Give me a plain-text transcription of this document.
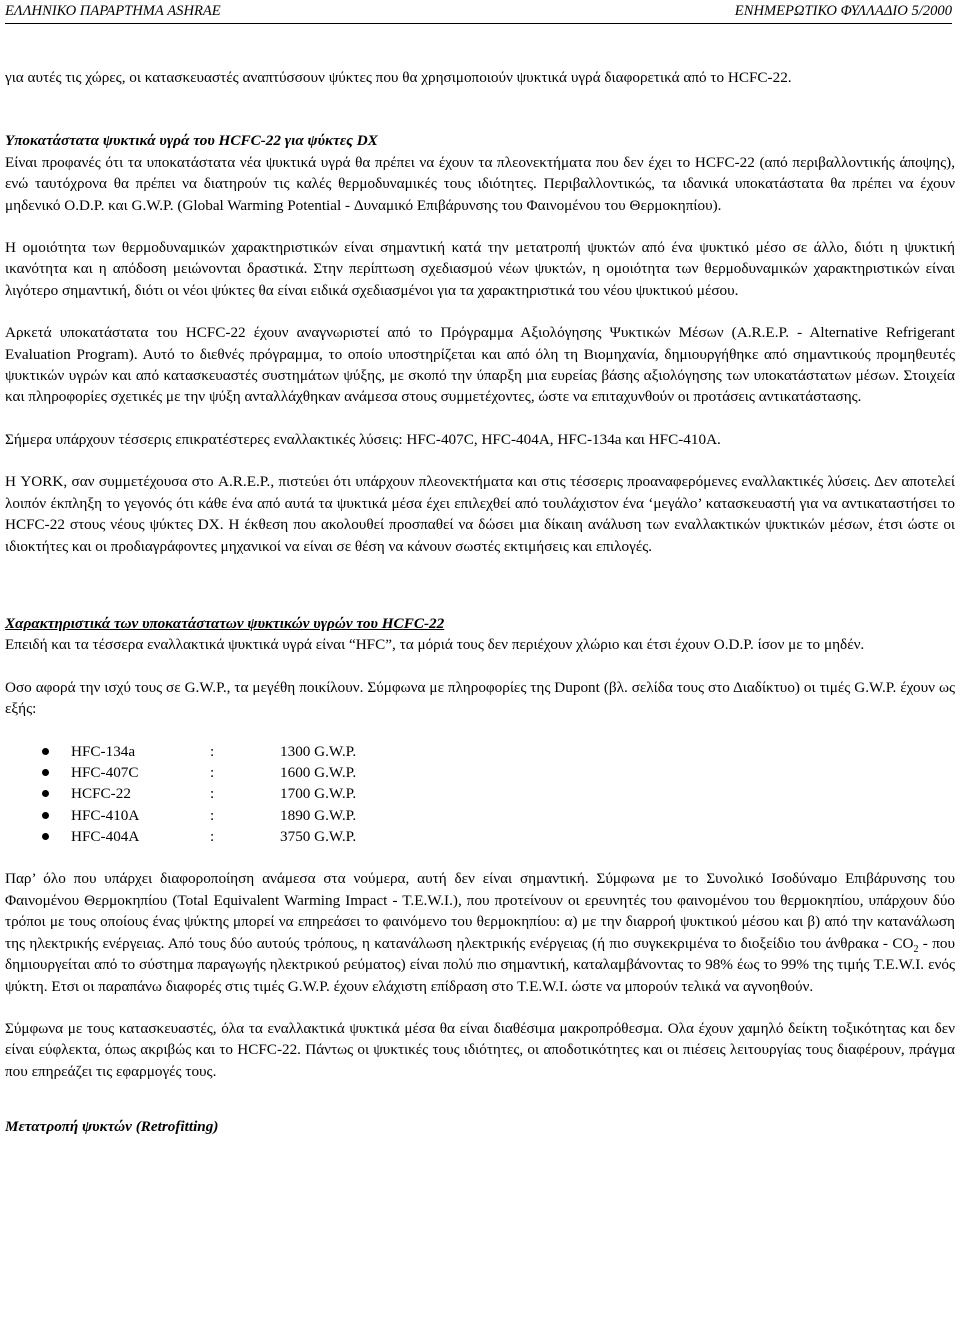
ΕΛΛΗΝΙΚΟ ΠΑΡΑΡΤΗΜΑ ASHRAE	ΕΝΗΜΕΡΩΤΙΚΟ ΦΥΛΛΑΔΙΟ 5/2000

για αυτές τις χώρες, οι κατασκευαστές αναπτύσσουν ψύκτες που θα χρησιμοποιούν ψυκτικά υγρά διαφορετικά από το HCFC-22.

Υποκατάστατα ψυκτικά υγρά του HCFC-22 για ψύκτες DX

Είναι προφανές ότι τα υποκατάστατα νέα ψυκτικά υγρά θα πρέπει να έχουν τα πλεονεκτήματα που δεν έχει το HCFC-22 (από περιβαλλοντικής άποψης), ενώ ταυτόχρονα θα πρέπει να διατηρούν τις καλές θερμοδυναμικές τους ιδιότητες. Περιβαλλοντικώς, τα ιδανικά υποκατάστατα θα πρέπει να έχουν μηδενικό O.D.P. και G.W.P. (Global Warming Potential - Δυναμικό Επιβάρυνσης του Φαινομένου του Θερμοκηπίου).

Η ομοιότητα των θερμοδυναμικών χαρακτηριστικών είναι σημαντική κατά την μετατροπή ψυκτών από ένα ψυκτικό μέσο σε άλλο, διότι η ψυκτική ικανότητα και η απόδοση μειώνονται δραστικά. Στην περίπτωση σχεδιασμού νέων ψυκτών, η ομοιότητα των θερμοδυναμικών χαρακτηριστικών είναι λιγότερο σημαντική, διότι οι νέοι ψύκτες θα είναι ειδικά σχεδιασμένοι για τα χαρακτηριστικά του νέου ψυκτικού μέσου.

Αρκετά υποκατάστατα του HCFC-22 έχουν αναγνωριστεί από το Πρόγραμμα Αξιολόγησης Ψυκτικών Μέσων (A.R.E.P. - Alternative Refrigerant Evaluation Program). Αυτό το διεθνές πρόγραμμα, το οποίο υποστηρίζεται και από όλη τη Βιομηχανία, δημιουργήθηκε από σημαντικούς προμηθευτές ψυκτικών υγρών και από κατασκευαστές συστημάτων ψύξης, με σκοπό την ύπαρξη μια ευρείας βάσης αξιολόγησης των υποκατάστατων μέσων. Στοιχεία και πληροφορίες σχετικές με την ψύξη ανταλλάχθηκαν ανάμεσα στους συμμετέχοντες, ώστε να επιταχυνθούν οι προτάσεις αντικατάστασης.

Σήμερα υπάρχουν τέσσερις επικρατέστερες εναλλακτικές λύσεις: HFC-407C, HFC-404A, HFC-134a και HFC-410A.

Η YORK, σαν συμμετέχουσα στο A.R.E.P., πιστεύει ότι υπάρχουν πλεονεκτήματα και στις τέσσερις προαναφερόμενες εναλλακτικές λύσεις. Δεν αποτελεί λοιπόν έκπληξη το γεγονός ότι κάθε ένα από αυτά τα ψυκτικά μέσα έχει επιλεχθεί από τουλάχιστον ένα ‘μεγάλο’ κατασκευαστή για να αντικαταστήσει το HCFC-22 στους νέους ψύκτες DX. Η έκθεση που ακολουθεί προσπαθεί να δώσει μια δίκαιη ανάλυση των εναλλακτικών ψυκτικών μέσων, έτσι ώστε οι ιδιοκτήτες και οι προδιαγράφοντες μηχανικοί να είναι σε θέση να κάνουν σωστές εκτιμήσεις και επιλογές.

Χαρακτηριστικά των υποκατάστατων ψυκτικών υγρών του HCFC-22

Επειδή και τα τέσσερα εναλλακτικά ψυκτικά υγρά είναι “HFC”, τα μόριά τους δεν περιέχουν χλώριο και έτσι έχουν O.D.P. ίσον με το μηδέν.

Οσο αφορά την ισχύ τους σε G.W.P., τα μεγέθη ποικίλουν. Σύμφωνα με πληροφορίες της Dupont (βλ. σελίδα τους στο Διαδίκτυο) οι τιμές G.W.P. έχουν ως εξής:

HFC-134a	:	1300 G.W.P.
HFC-407C	:	1600 G.W.P.
HCFC-22	:	1700 G.W.P.
HFC-410A	:	1890 G.W.P.
HFC-404A	:	3750 G.W.P.

Παρ’ όλο που υπάρχει διαφοροποίηση ανάμεσα στα νούμερα, αυτή δεν είναι σημαντική. Σύμφωνα με το Συνολικό Ισοδύναμο Επιβάρυνσης του Φαινομένου Θερμοκηπίου (Total Equivalent Warming Impact - T.E.W.I.), που προτείνουν οι ερευνητές του φαινομένου του θερμοκηπίου, υπάρχουν δύο τρόποι με τους οποίους ένας ψύκτης μπορεί να επηρεάσει το φαινόμενο του θερμοκηπίου: α) με την διαρροή ψυκτικού μέσου και β) από την κατανάλωση της ηλεκτρικής ενέργειας. Από τους δύο αυτούς τρόπους, η κατανάλωση ηλεκτρικής ενέργειας (ή πιο συγκεκριμένα το διοξείδιο του άνθρακα - $CO_2$ - που δημιουργείται από το σύστημα παραγωγής ηλεκτρικού ρεύματος) είναι πολύ πιο σημαντική, καταλαμβάνοντας το 98% έως το 99% της τιμής T.E.W.I. ενός ψύκτη. Ετσι οι παραπάνω διαφορές στις τιμές G.W.P. έχουν ελάχιστη επίδραση στο T.E.W.I. ώστε να μπορούν τελικά να αγνοηθούν.

Σύμφωνα με τους κατασκευαστές, όλα τα εναλλακτικά ψυκτικά μέσα θα είναι διαθέσιμα μακροπρόθεσμα. Ολα έχουν χαμηλό δείκτη τοξικότητας και δεν είναι εύφλεκτα, όπως ακριβώς και το HCFC-22. Πάντως οι ψυκτικές τους ιδιότητες, οι αποδοτικότητες και οι πιέσεις λειτουργίας τους διαφέρουν, πράγμα που επηρεάζει τις εφαρμογές τους.

Μετατροπή ψυκτών (Retrofitting)
